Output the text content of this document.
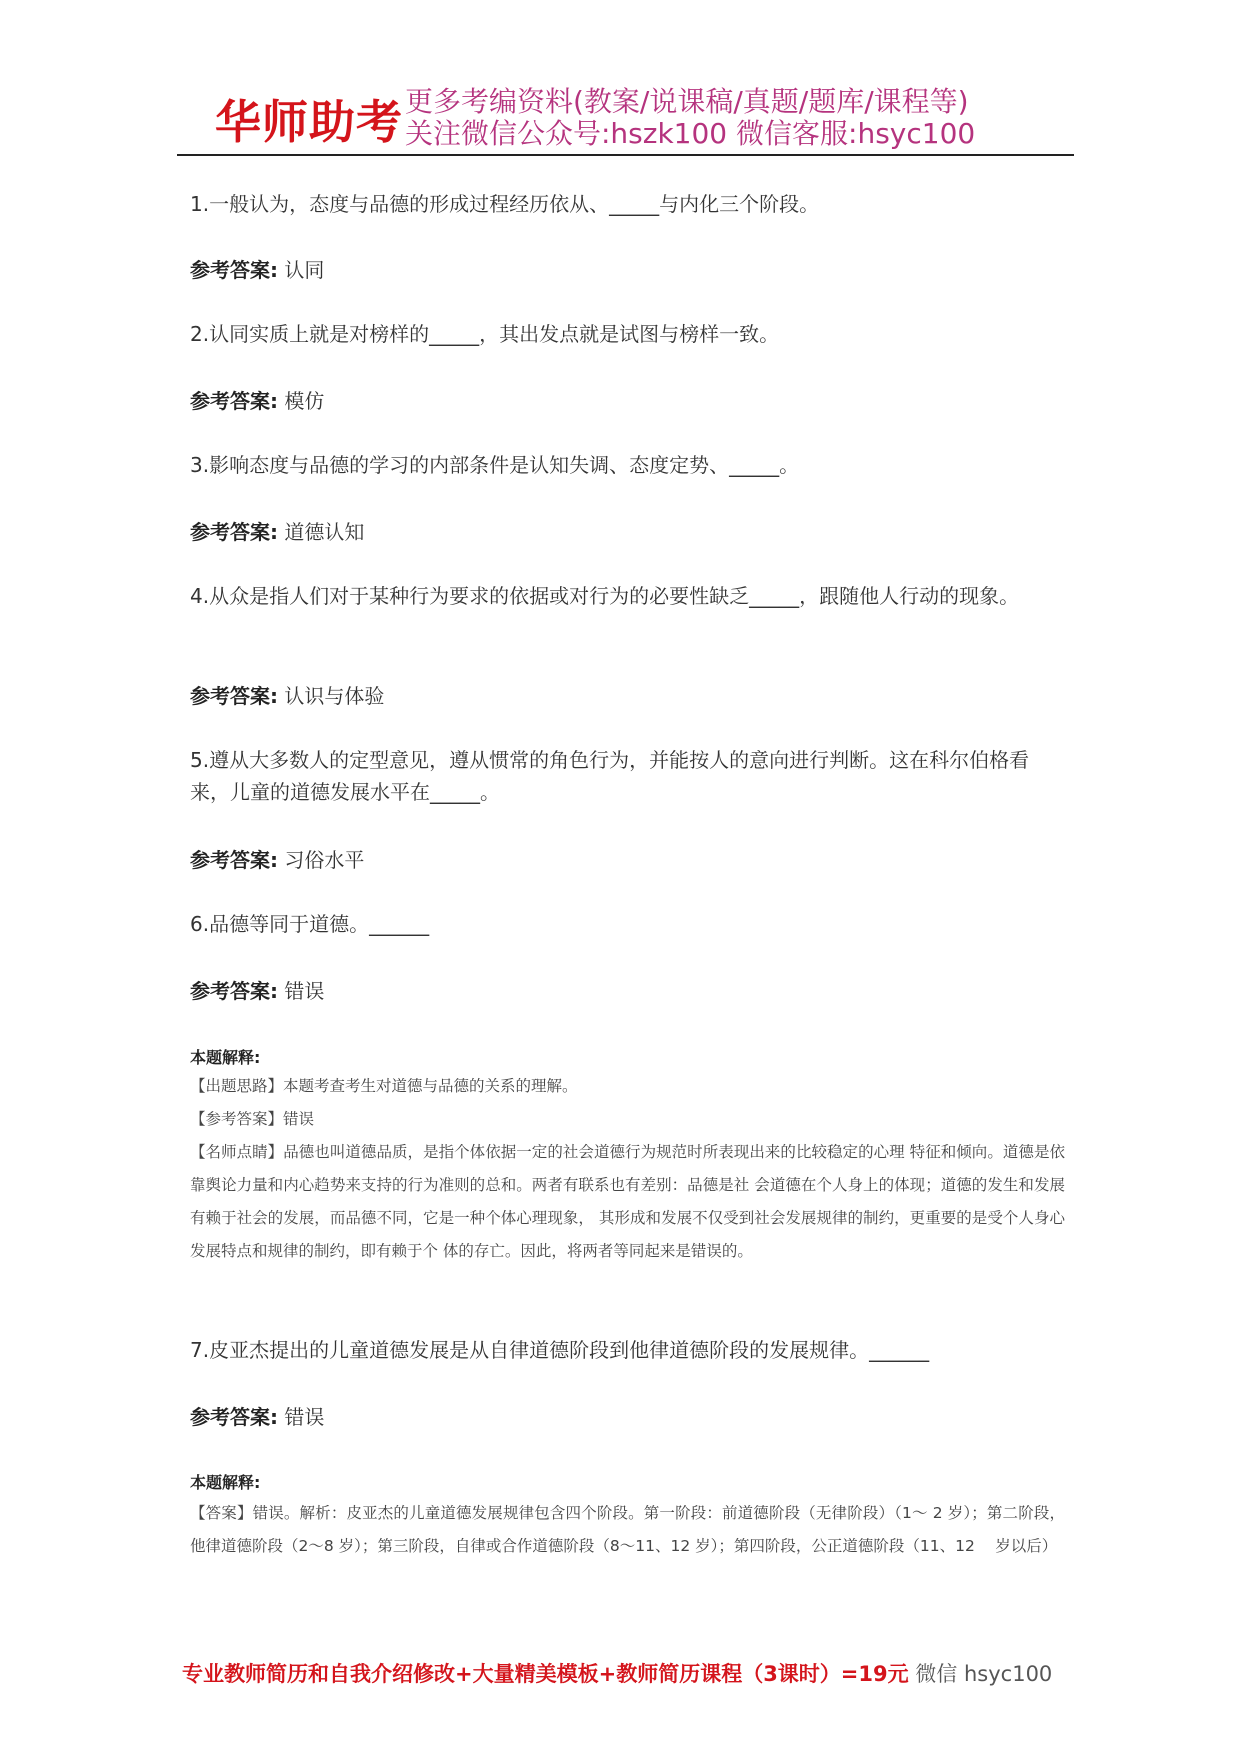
华师助考 更多考编资料(教案/说课稿/真题/题库/课程等)
关注微信公众号:hszk100 微信客服:hsyc100
1.一般认为，态度与品德的形成过程经历依从、_____与内化三个阶段。
参考答案: 认同
2.认同实质上就是对榜样的_____，其出发点就是试图与榜样一致。
参考答案: 模仿
3.影响态度与品德的学习的内部条件是认知失调、态度定势、_____。
参考答案: 道德认知
4.从众是指人们对于某种行为要求的依据或对行为的必要性缺乏_____，跟随他人行动的现象。
参考答案: 认识与体验
5.遵从大多数人的定型意见，遵从惯常的角色行为，并能按人的意向进行判断。这在科尔伯格看来，儿童的道德发展水平在_____。
参考答案: 习俗水平
6.品德等同于道德。______
参考答案: 错误
本题解释:
【出题思路】本题考查考生对道德与品德的关系的理解。
【参考答案】错误
【名师点睛】品德也叫道德品质，是指个体依据一定的社会道德行为规范时所表现出来的比较稳定的心理 特征和倾向。道德是依靠舆论力量和内心趋势来支持的行为准则的总和。两者有联系也有差别：品德是社 会道德在个人身上的体现；道德的发生和发展有赖于社会的发展，而品德不同，它是一种个体心理现象， 其形成和发展不仅受到社会发展规律的制约，更重要的是受个人身心发展特点和规律的制约，即有赖于个 体的存亡。因此，将两者等同起来是错误的。
7.皮亚杰提出的儿童道德发展是从自律道德阶段到他律道德阶段的发展规律。______
参考答案: 错误
本题解释:
【答案】错误。解析：皮亚杰的儿童道德发展规律包含四个阶段。第一阶段：前道德阶段（无律阶段）（1～ 2 岁）；第二阶段，他律道德阶段（2～8 岁）；第三阶段，自律或合作道德阶段（8～11、12 岁）；第四阶段，公正道德阶段（11、12　 岁以后）
专业教师简历和自我介绍修改+大量精美模板+教师简历课程（3课时）=19元 微信 hsyc100
